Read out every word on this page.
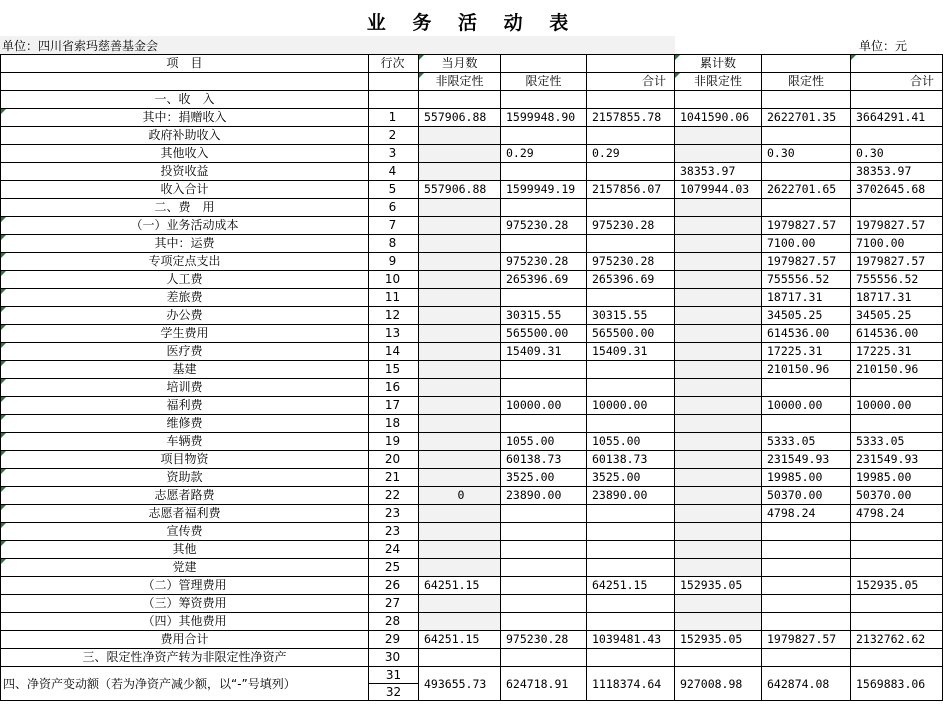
业 务 活 动 表
单位：四川省索玛慈善基金会	单位：元
项　目	行次	当月数			累计数		

非限定性	限定性	合计	非限定性	限定性	合计
一、收　入							

其中：捐赠收入	1	557906.88	1599948.90	2157855.78	1041590.06	2622701.35	3664291.41
政府补助收入	2						
其他收入	3		0.29	0.29		0.30	0.30
投资收益	4				38353.97		38353.97
收入合计	5	557906.88	1599949.19	2157856.07	1079944.03	2622701.65	3702645.68
二、费　用	6						

（一）业务活动成本	7		975230.28	975230.28		1979827.57	1979827.57

其中：运费	8					7100.00	7100.00

专项定点支出	9		975230.28	975230.28		1979827.57	1979827.57

人工费	10		265396.69	265396.69		755556.52	755556.52

差旅费	11					18717.31	18717.31

办公费	12		30315.55	30315.55		34505.25	34505.25

学生费用	13		565500.00	565500.00		614536.00	614536.00

医疗费	14		15409.31	15409.31		17225.31	17225.31

基建	15					210150.96	210150.96

培训费	16						

福利费	17		10000.00	10000.00		10000.00	10000.00

维修费	18						

车辆费	19		1055.00	1055.00		5333.05	5333.05

项目物资	20		60138.73	60138.73		231549.93	231549.93

资助款	21		3525.00	3525.00		19985.00	19985.00

志愿者路费	22	0	23890.00	23890.00		50370.00	50370.00

志愿者福利费	23					4798.24	4798.24

宣传费	23						

其他	24						

党建	25						
（二）管理费用	26	64251.15		64251.15	152935.05		152935.05
（三）筹资费用	27						
（四）其他费用	28						
费用合计	29	64251.15	975230.28	1039481.43	152935.05	1979827.57	2132762.62
三、限定性净资产转为非限定性净资产	30						
四、净资产变动额（若为净资产减少额，以“-”号填列）	31
32	493655.73	624718.91	1118374.64	927008.98	642874.08	1569883.06
